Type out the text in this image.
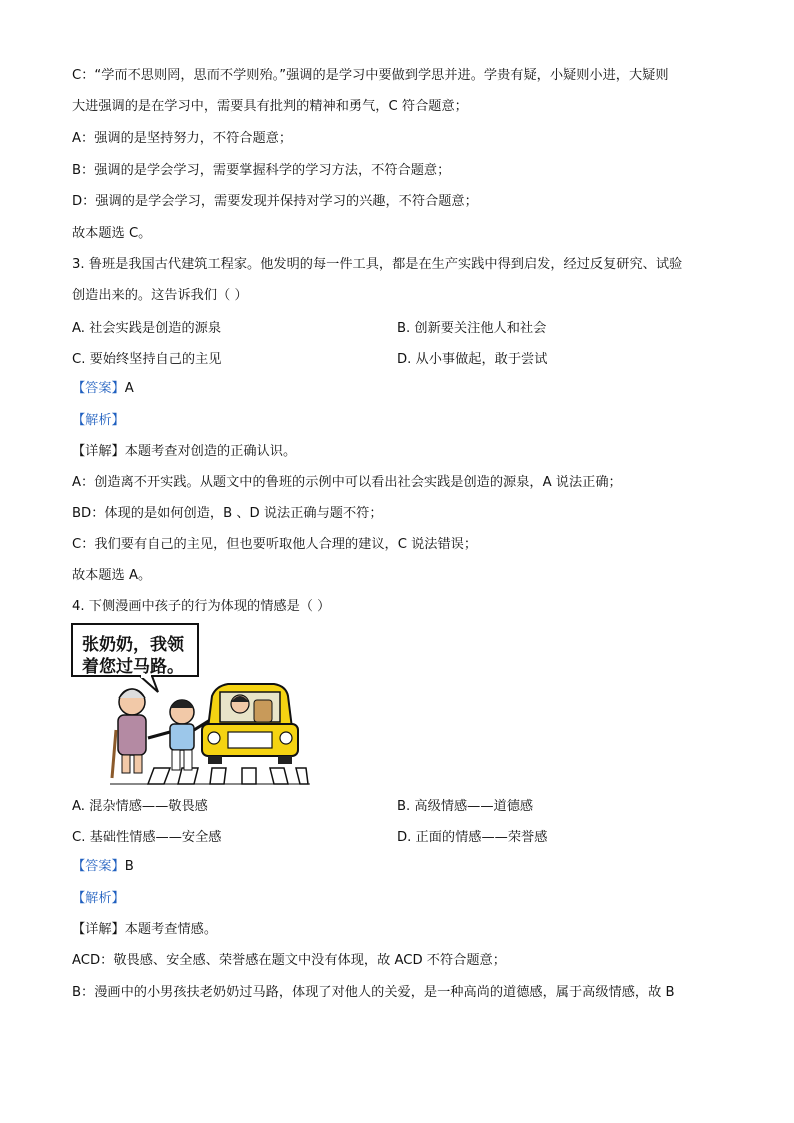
C：“学而不思则罔，思而不学则殆。”强调的是学习中要做到学思并进。学贵有疑，小疑则小进，大疑则
大进强调的是在学习中，需要具有批判的精神和勇气，C 符合题意；
A：强调的是坚持努力，不符合题意；
B：强调的是学会学习，需要掌握科学的学习方法，不符合题意；
D：强调的是学会学习，需要发现并保持对学习的兴趣，不符合题意；
故本题选 C。
3. 鲁班是我国古代建筑工程家。他发明的每一件工具，都是在生产实践中得到启发，经过反复研究、试验
创造出来的。这告诉我们（ ）
A. 社会实践是创造的源泉	B. 创新要关注他人和社会
C. 要始终坚持自己的主见	D. 从小事做起，敢于尝试
【答案】A
【解析】
【详解】本题考查对创造的正确认识。
A：创造离不开实践。从题文中的鲁班的示例中可以看出社会实践是创造的源泉，A 说法正确；
BD：体现的是如何创造，B 、D 说法正确与题不符；
C：我们要有自己的主见，但也要听取他人合理的建议，C 说法错误；
故本题选 A。
4. 下侧漫画中孩子的行为体现的情感是（ ）
张奶奶，我领
着您过马路。
A. 混杂情感——敬畏感	B. 高级情感——道德感
C. 基础性情感——安全感	D. 正面的情感——荣誉感
【答案】B
【解析】
【详解】本题考查情感。
ACD：敬畏感、安全感、荣誉感在题文中没有体现，故 ACD 不符合题意；
B：漫画中的小男孩扶老奶奶过马路，体现了对他人的关爱，是一种高尚的道德感，属于高级情感，故 B
